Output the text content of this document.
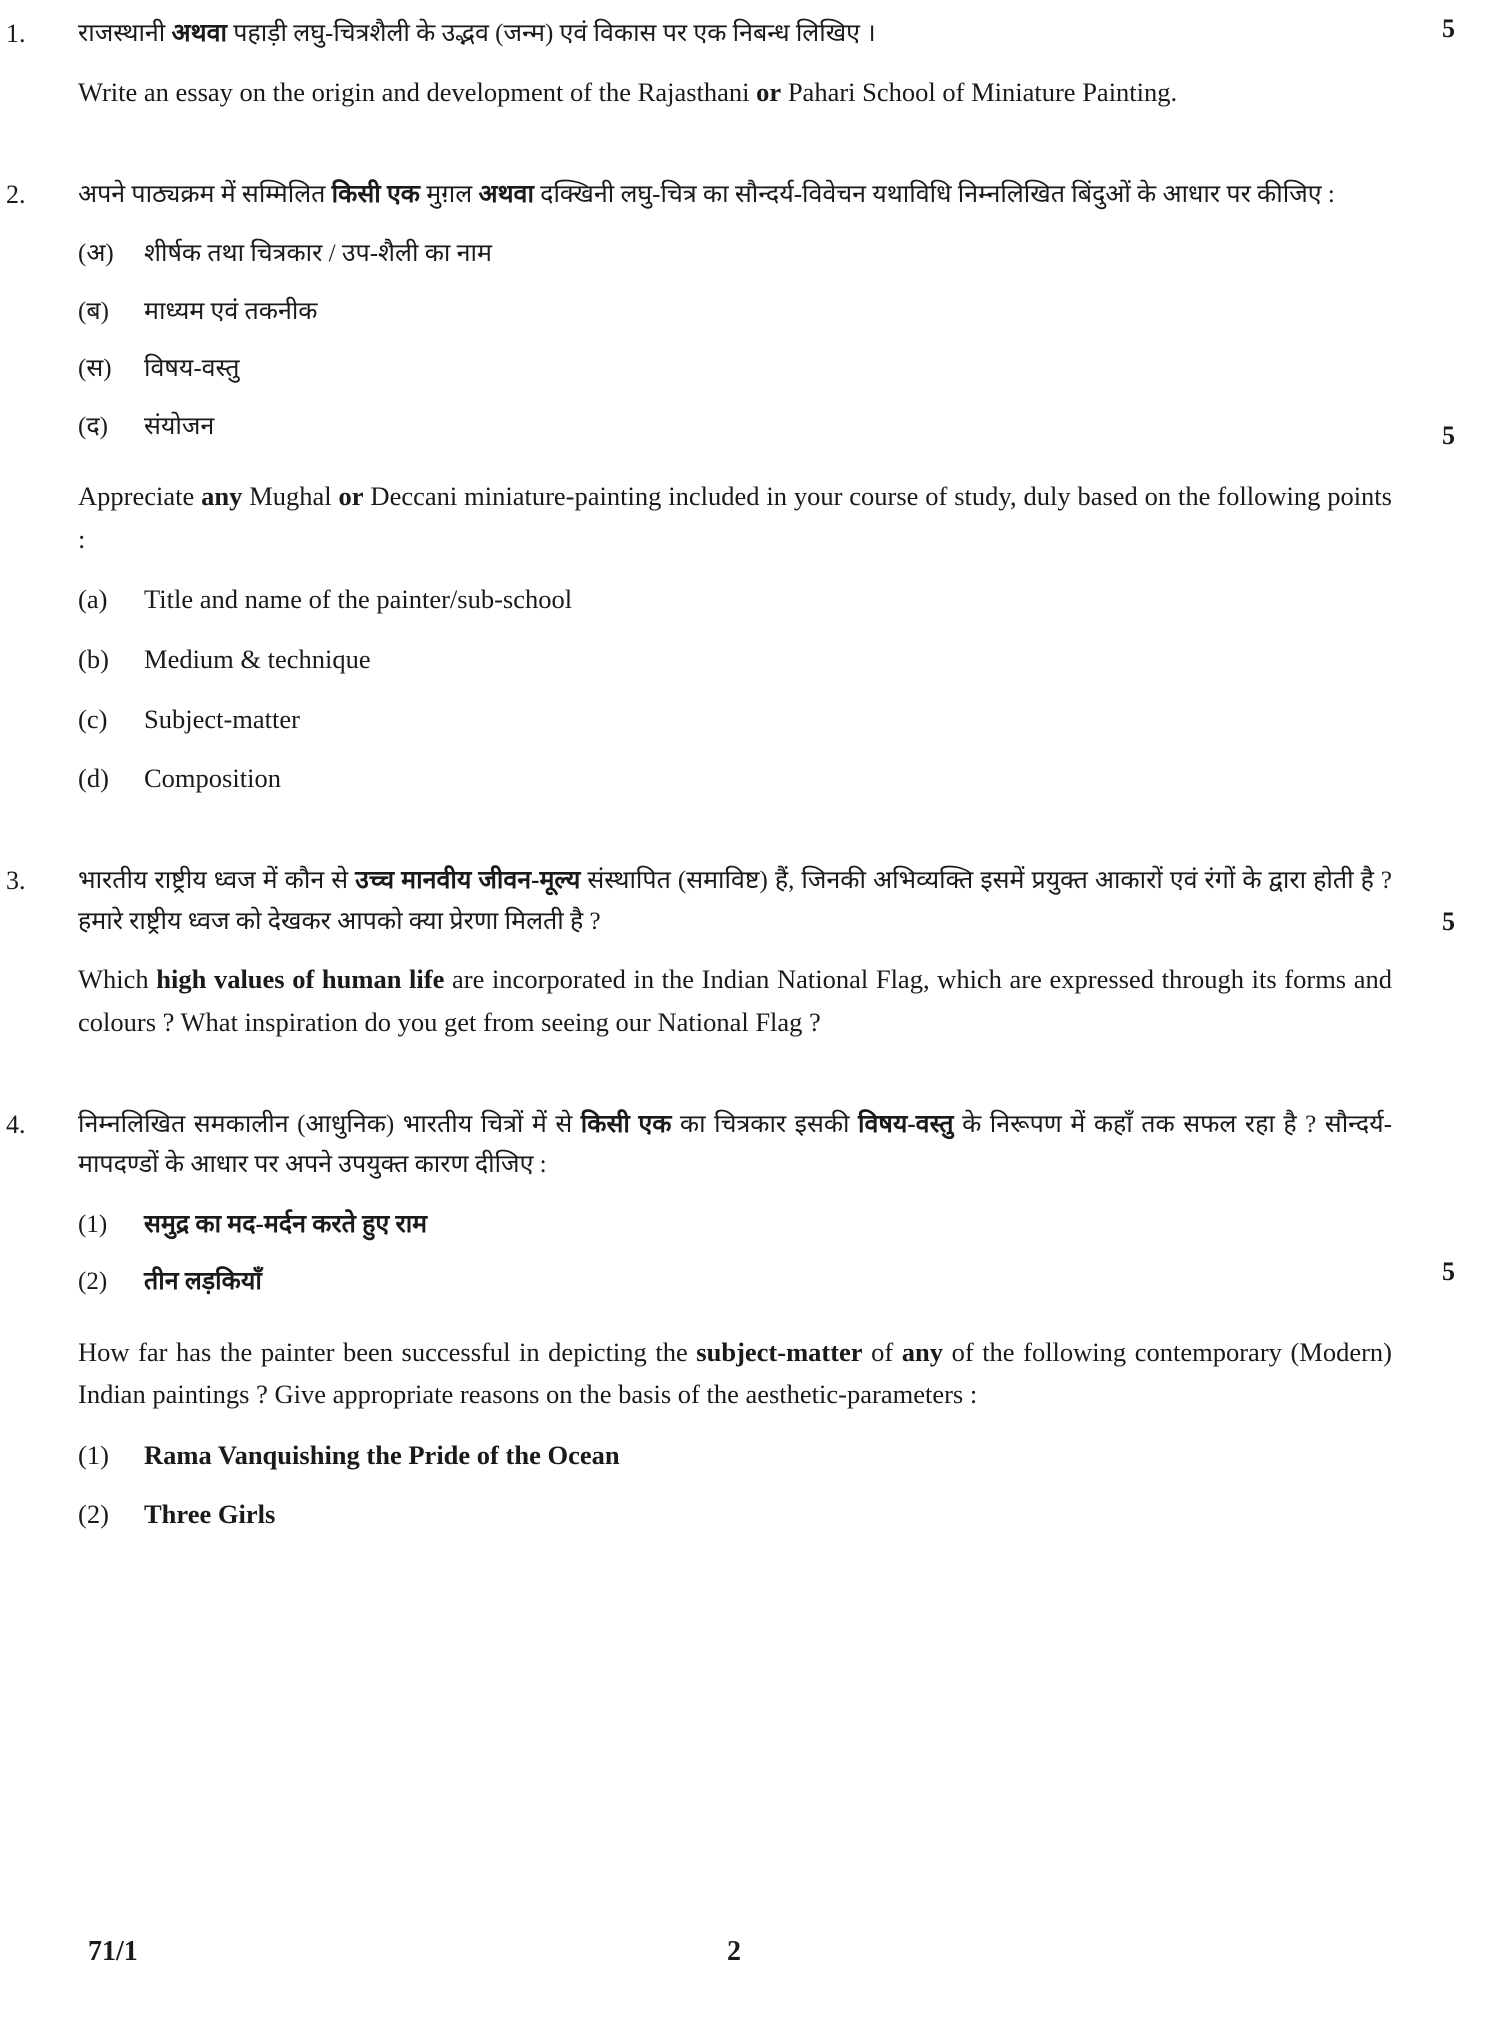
1.	राजस्थानी अथवा पहाड़ी लघु-चित्रशैली के उद्भव (जन्म) एवं विकास पर एक निबन्ध लिखिए ।

Write an essay on the origin and development of the Rajasthani or Pahari School of Miniature Painting.

5
2.	अपने पाठ्यक्रम में सम्मिलित किसी एक मुग़ल अथवा दक्खिनी लघु-चित्र का सौन्दर्य-विवेचन यथाविधि निम्नलिखित बिंदुओं के आधार पर कीजिए :

(अ)	शीर्षक तथा चित्रकार / उप-शैली का नाम
(ब)	माध्यम एवं तकनीक
(स)	विषय-वस्तु
(द)	संयोजन

Appreciate any Mughal or Deccani miniature-painting included in your course of study, duly based on the following points :

(a)	Title and name of the painter/sub-school
(b)	Medium & technique
(c)	Subject-matter
(d)	Composition
5
3.	भारतीय राष्ट्रीय ध्वज में कौन से उच्च मानवीय जीवन-मूल्य संस्थापित (समाविष्ट) हैं, जिनकी अभिव्यक्ति इसमें प्रयुक्त आकारों एवं रंगों के द्वारा होती है ? हमारे राष्ट्रीय ध्वज को देखकर आपको क्या प्रेरणा मिलती है ?

Which high values of human life are incorporated in the Indian National Flag, which are expressed through its forms and colours ? What inspiration do you get from seeing our National Flag ?

5
4.	निम्नलिखित समकालीन (आधुनिक) भारतीय चित्रों में से किसी एक का चित्रकार इसकी विषय-वस्तु के निरूपण में कहाँ तक सफल रहा है ? सौन्दर्य-मापदण्डों के आधार पर अपने उपयुक्त कारण दीजिए :

(1)	समुद्र का मद-मर्दन करते हुए राम
(2)	तीन लड़कियाँ

How far has the painter been successful in depicting the subject-matter of any of the following contemporary (Modern) Indian paintings ? Give appropriate reasons on the basis of the aesthetic-parameters :

(1)	Rama Vanquishing the Pride of the Ocean
(2)	Three Girls
5
71/1	2
